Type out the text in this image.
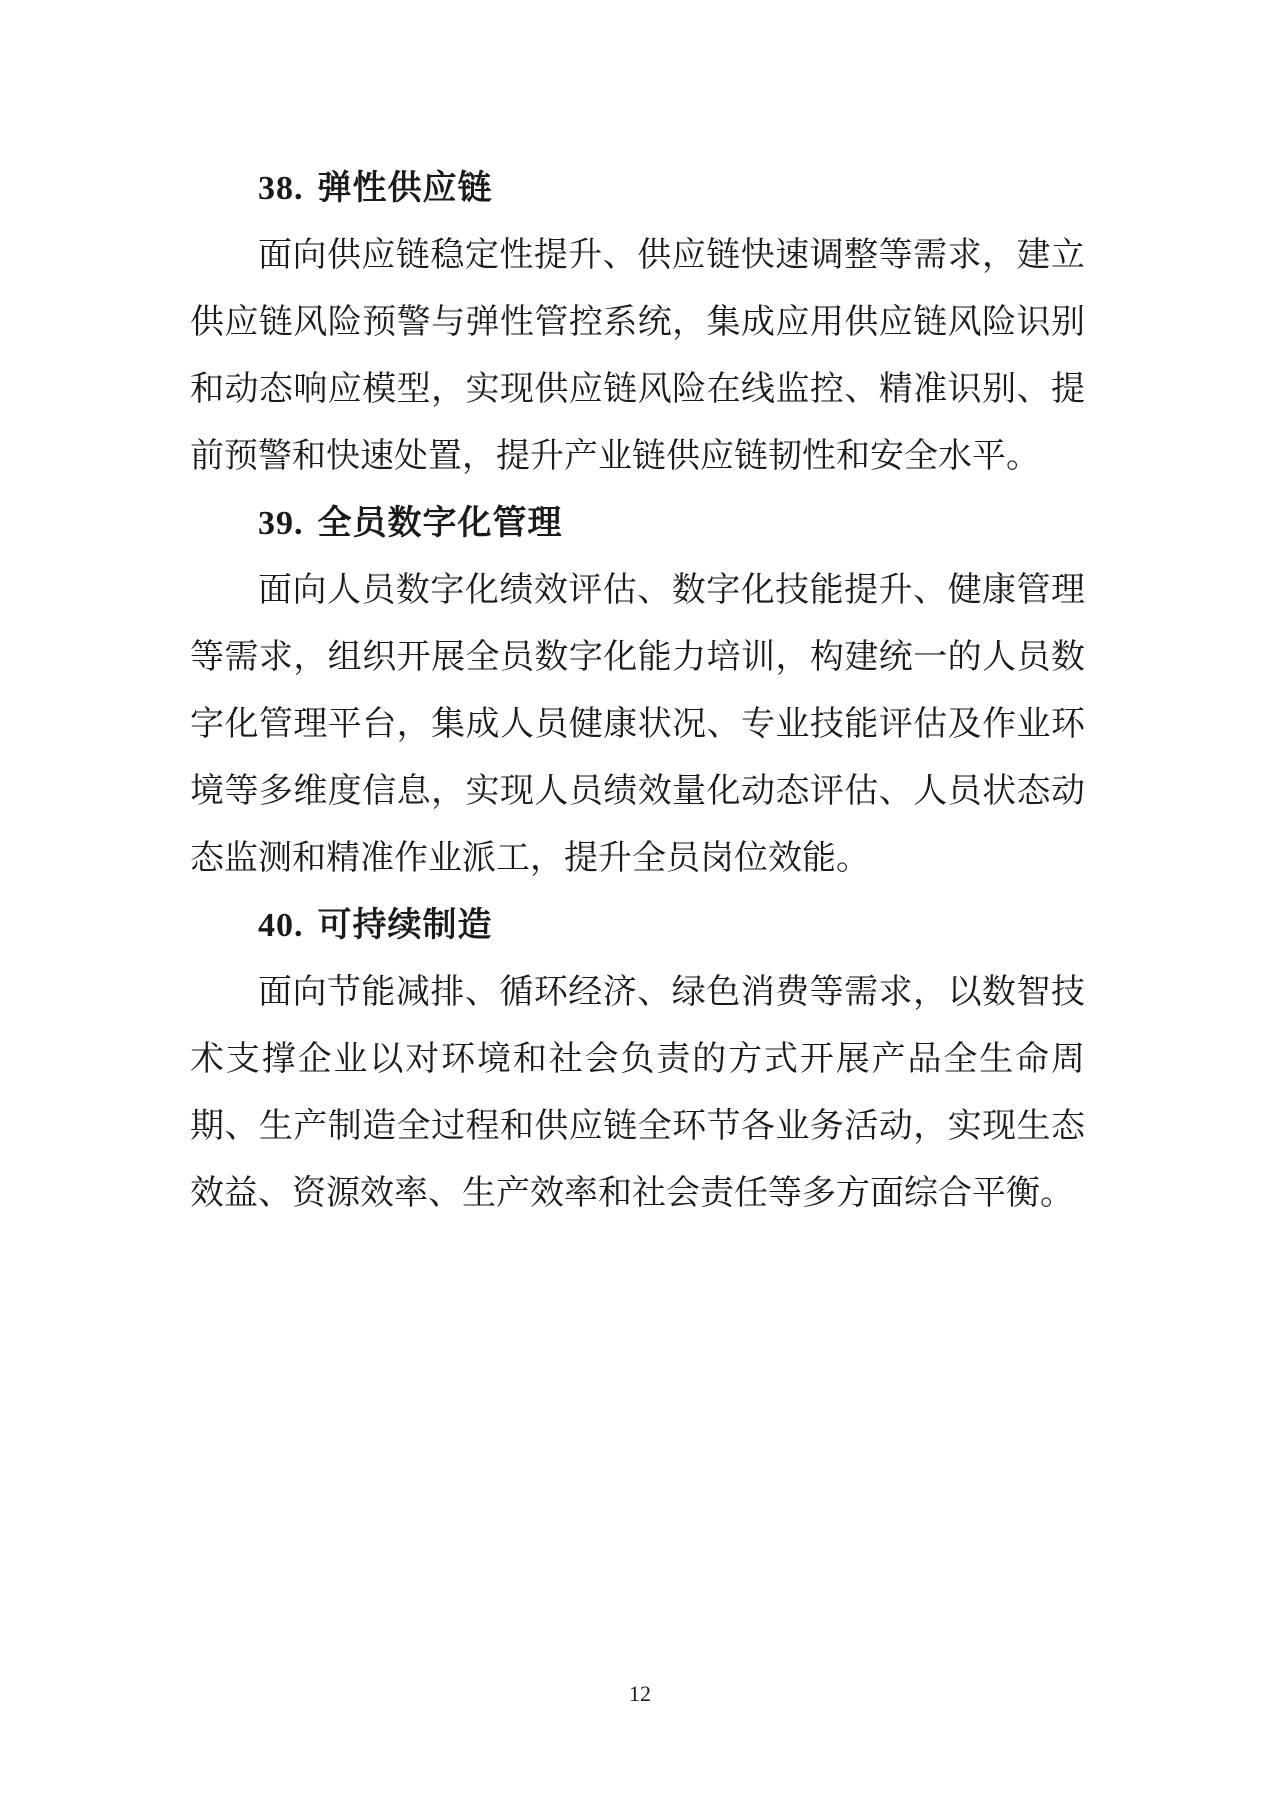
38. 弹性供应链
面向供应链稳定性提升、供应链快速调整等需求，建立
供应链风险预警与弹性管控系统，集成应用供应链风险识别
和动态响应模型，实现供应链风险在线监控、精准识别、提
前预警和快速处置，提升产业链供应链韧性和安全水平。
39. 全员数字化管理
面向人员数字化绩效评估、数字化技能提升、健康管理
等需求，组织开展全员数字化能力培训，构建统一的人员数
字化管理平台，集成人员健康状况、专业技能评估及作业环
境等多维度信息，实现人员绩效量化动态评估、人员状态动
态监测和精准作业派工，提升全员岗位效能。
40. 可持续制造
面向节能减排、循环经济、绿色消费等需求，以数智技
术支撑企业以对环境和社会负责的方式开展产品全生命周
期、生产制造全过程和供应链全环节各业务活动，实现生态
效益、资源效率、生产效率和社会责任等多方面综合平衡。
12
